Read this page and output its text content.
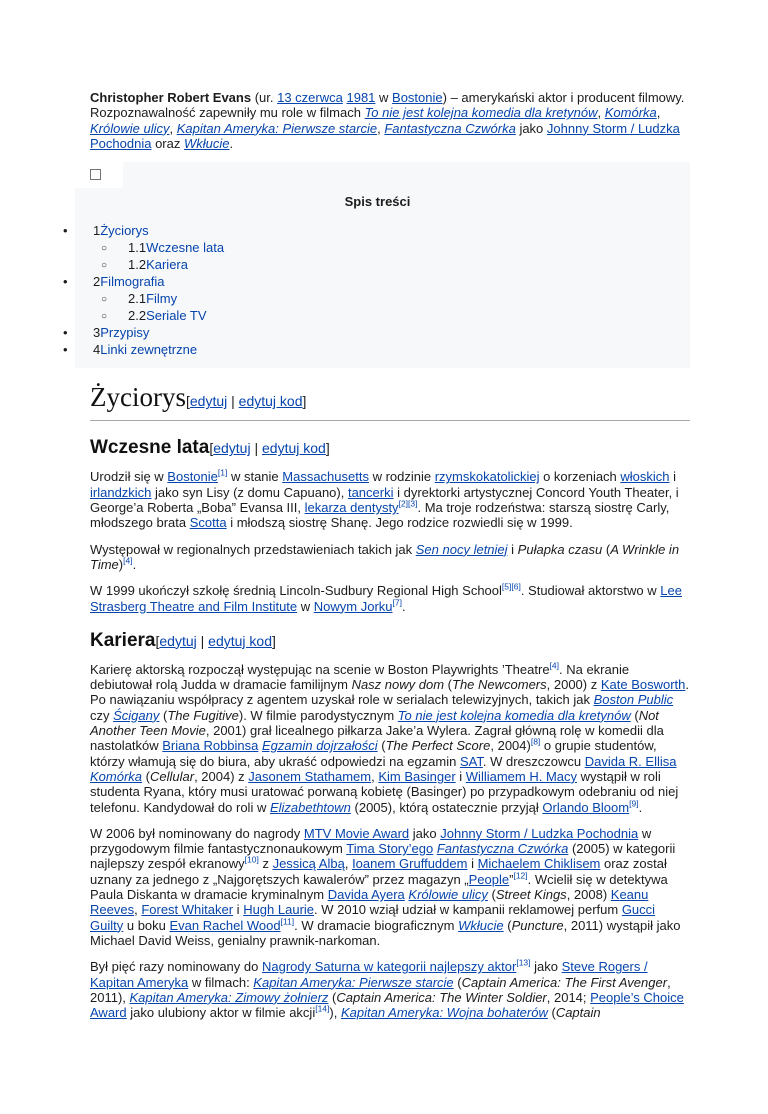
Christopher Robert Evans (ur. 13 czerwca 1981 w Bostonie) – amerykański aktor i producent filmowy. Rozpoznawalność zapewniły mu role w filmach To nie jest kolejna komedia dla kretynów, Komórka, Królowie ulicy, Kapitan Ameryka: Pierwsze starcie, Fantastyczna Czwórka jako Johnny Storm / Ludzka Pochodnia oraz Wkłucie.

Spis treści
• 1Życiorys
○ 1.1Wczesne lata
○ 1.2Kariera
• 2Filmografia
○ 2.1Filmy
○ 2.2Seriale TV
• 3Przypisy
• 4Linki zewnętrzne
Życiorys[edytuj | edytuj kod]
Wczesne lata[edytuj | edytuj kod]

Urodził się w Bostonie[1] w stanie Massachusetts w rodzinie rzymskokatolickiej o korzeniach włoskich i irlandzkich jako syn Lisy (z domu Capuano), tancerki i dyrektorki artystycznej Concord Youth Theater, i George’a Roberta „Boba” Evansa III, lekarza dentysty[2][3]. Ma troje rodzeństwa: starszą siostrę Carly, młodszego brata Scotta i młodszą siostrę Shanę. Jego rodzice rozwiedli się w 1999.

Występował w regionalnych przedstawieniach takich jak Sen nocy letniej i Pułapka czasu (A Wrinkle in Time)[4].

W 1999 ukończył szkołę średnią Lincoln-Sudbury Regional High School[5][6]. Studiował aktorstwo w Lee Strasberg Theatre and Film Institute w Nowym Jorku[7].

Kariera[edytuj | edytuj kod]

Karierę aktorską rozpoczął występując na scenie w Boston Playwrights ’Theatre[4]. Na ekranie debiutował rolą Judda w dramacie familijnym Nasz nowy dom (The Newcomers, 2000) z Kate Bosworth. Po nawiązaniu współpracy z agentem uzyskał role w serialach telewizyjnych, takich jak Boston Public czy Ścigany (The Fugitive). W filmie parodystycznym To nie jest kolejna komedia dla kretynów (Not Another Teen Movie, 2001) grał licealnego piłkarza Jake’a Wylera. Zagrał główną rolę w komedii dla nastolatków Briana Robbinsa Egzamin dojrzałości (The Perfect Score, 2004)[8] o grupie studentów, którzy włamują się do biura, aby ukraść odpowiedzi na egzamin SAT. W dreszczowcu Davida R. Ellisa Komórka (Cellular, 2004) z Jasonem Stathamem, Kim Basinger i Williamem H. Macy wystąpił w roli studenta Ryana, który musi uratować porwaną kobietę (Basinger) po przypadkowym odebraniu od niej telefonu. Kandydował do roli w Elizabethtown (2005), którą ostatecznie przyjął Orlando Bloom[9].

W 2006 był nominowany do nagrody MTV Movie Award jako Johnny Storm / Ludzka Pochodnia w przygodowym filmie fantastycznonaukowym Tima Story’ego Fantastyczna Czwórka (2005) w kategorii najlepszy zespół ekranowy[10] z Jessicą Albą, Ioanem Gruffuddem i Michaelem Chiklisem oraz został uznany za jednego z „Najgorętszych kawalerów” przez magazyn „People”[12]. Wcielił się w detektywa Paula Diskanta w dramacie kryminalnym Davida Ayera Królowie ulicy (Street Kings, 2008) Keanu Reeves, Forest Whitaker i Hugh Laurie. W 2010 wziął udział w kampanii reklamowej perfum Gucci Guilty u boku Evan Rachel Wood[11]. W dramacie biograficznym Wkłucie (Puncture, 2011) wystąpił jako Michael David Weiss, genialny prawnik-narkoman.

Był pięć razy nominowany do Nagrody Saturna w kategorii najlepszy aktor[13] jako Steve Rogers / Kapitan Ameryka w filmach: Kapitan Ameryka: Pierwsze starcie (Captain America: The First Avenger, 2011), Kapitan Ameryka: Zimowy żołnierz (Captain America: The Winter Soldier, 2014; People’s Choice Award jako ulubiony aktor w filmie akcji[14]), Kapitan Ameryka: Wojna bohaterów (Captain
